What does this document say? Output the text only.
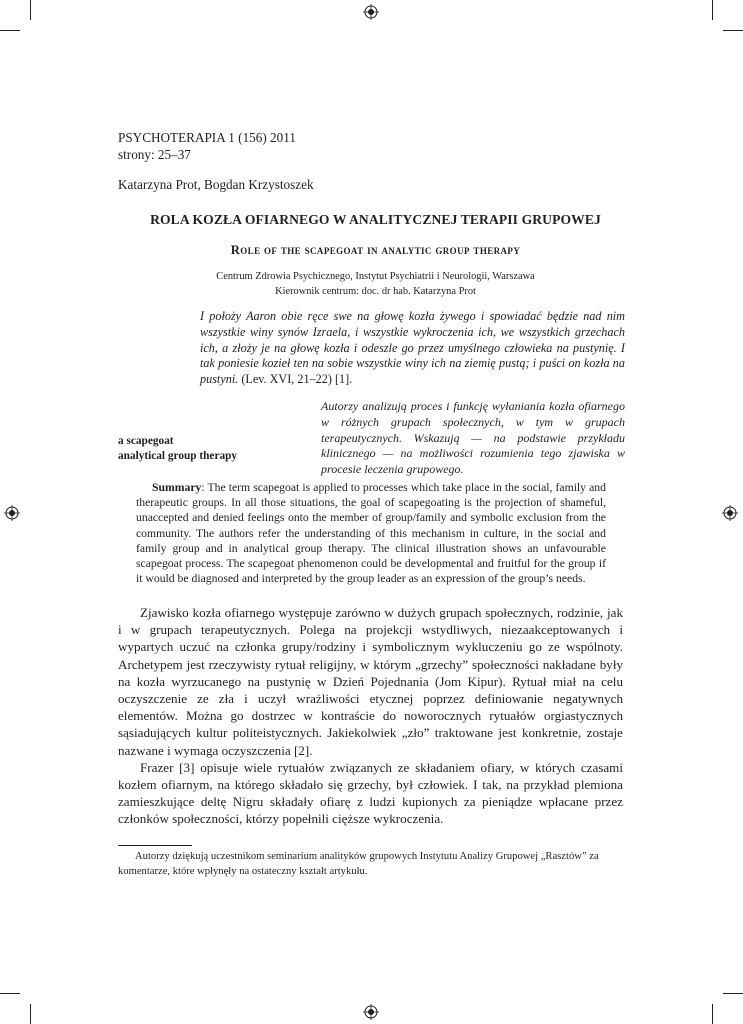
PSYCHOTERAPIA 1 (156) 2011
strony: 25–37
Katarzyna Prot, Bogdan Krzystoszek
ROLA KOZŁA OFIARNEGO W ANALITYCZNEJ TERAPII GRUPOWEJ
Role of the scapegoat in analytic group therapy
Centrum Zdrowia Psychicznego, Instytut Psychiatrii i Neurologii, Warszawa
Kierownik centrum: doc. dr hab. Katarzyna Prot
I położy Aaron obie ręce swe na głowę kozła żywego i spowiadać będzie nad nim wszystkie winy synów Izraela, i wszystkie wykroczenia ich, we wszystkich grzechach ich, a złoży je na głowę kozła i odeszle go przez umyślnego człowieka na pustynię. I tak poniesie kozieł ten na sobie wszystkie winy ich na ziemię pustą; i puści on kozła na pustyni. (Lev. XVI, 21–22) [1].
Autorzy analizują proces i funkcję wyłaniania kozła ofiarnego w różnych grupach społecznych, w tym w grupach terapeutycznych. Wskazują — na podstawie przykładu klinicznego — na możliwości rozumienia tego zjawiska w procesie leczenia grupowego.
a scapegoat
analytical group therapy
Summary: The term scapegoat is applied to processes which take place in the social, family and therapeutic groups. In all those situations, the goal of scapegoating is the projection of shameful, unaccepted and denied feelings onto the member of group/family and symbolic exclusion from the community. The authors refer the understanding of this mechanism in culture, in the social and family group and in analytical group therapy. The clinical illustration shows an unfavourable scapegoat process. The scapegoat phenomenon could be developmental and fruitful for the group if it would be diagnosed and interpreted by the group leader as an expression of the group’s needs.

Zjawisko kozła ofiarnego występuje zarówno w dużych grupach społecznych, rodzinie, jak i w grupach terapeutycznych. Polega na projekcji wstydliwych, niezaakceptowanych i wypartych uczuć na członka grupy/rodziny i symbolicznym wykluczeniu go ze wspólnoty. Archetypem jest rzeczywisty rytuał religijny, w którym „grzechy” społeczności nakładane były na kozła wyrzucanego na pustynię w Dzień Pojednania (Jom Kipur). Rytuał miał na celu oczyszczenie ze zła i uczył wrażliwości etycznej poprzez definiowanie negatywnych elementów. Można go dostrzec w kontraście do noworocznych rytuałów orgiastycznych sąsiadujących kultur politeistycznych. Jakiekolwiek „zło” traktowane jest konkretnie, zostaje nazwane i wymaga oczyszczenia [2].

Frazer [3] opisuje wiele rytuałów związanych ze składaniem ofiary, w których czasami kozłem ofiarnym, na którego składało się grzechy, był człowiek. I tak, na przykład plemiona zamieszkujące deltę Nigru składały ofiarę z ludzi kupionych za pieniądze wpłacane przez członków społeczności, którzy popełnili cięższe wykroczenia.

Autorzy dziękują uczestnikom seminarium analityków grupowych Instytutu Analizy Grupowej „Rasztów” za komentarze, które wpłynęły na ostateczny kształt artykułu.
